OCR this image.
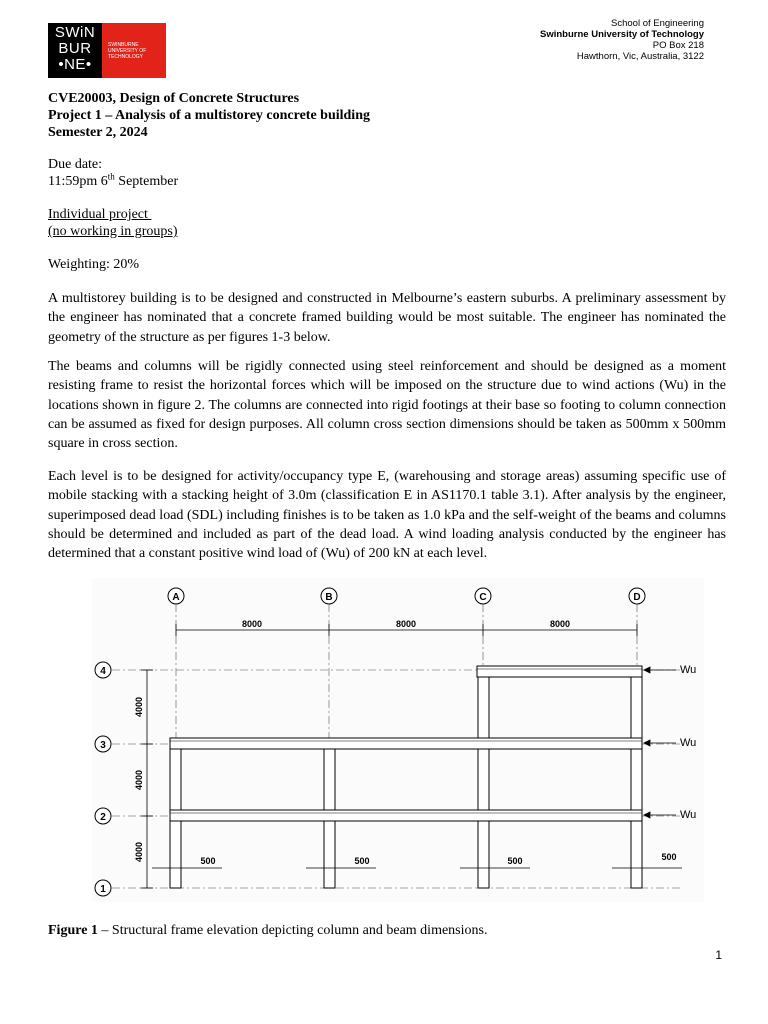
SWiN
BUR
•NE•
SWINBURNE
UNIVERSITY OF
TECHNOLOGY
School of Engineering
Swinburne University of Technology
PO Box 218
Hawthorn, Vic, Australia, 3122
CVE20003, Design of Concrete Structures
Project 1 – Analysis of a multistorey concrete building
Semester 2, 2024
Due date:
11:59pm 6th September
Individual project
(no working in groups)
Weighting: 20%
A multistorey building is to be designed and constructed in Melbourne’s eastern suburbs. A preliminary assessment by the engineer has nominated that a concrete framed building would be most suitable. The engineer has nominated the geometry of the structure as per figures 1-3 below.
The beams and columns will be rigidly connected using steel reinforcement and should be designed as a moment resisting frame to resist the horizontal forces which will be imposed on the structure due to wind actions (Wu) in the locations shown in figure 2. The columns are connected into rigid footings at their base so footing to column connection can be assumed as fixed for design purposes. All column cross section dimensions should be taken as 500mm x 500mm square in cross section.
Each level is to be designed for activity/occupancy type E, (warehousing and storage areas) assuming specific use of mobile stacking with a stacking height of 3.0m (classification E in AS1170.1 table 3.1). After analysis by the engineer, superimposed dead load (SDL) including finishes is to be taken as 1.0 kPa and the self-weight of the beams and columns should be determined and included as part of the dead load. A wind loading analysis conducted by the engineer has determined that a constant positive wind load of (Wu) of 200 kN at each level.
A	B	C	D
8000	8000	8000
4
3
2
1
4000
4000
4000	500	500	500	500
Wu
Wu
Wu
Figure 1 – Structural frame elevation depicting column and beam dimensions.
1
